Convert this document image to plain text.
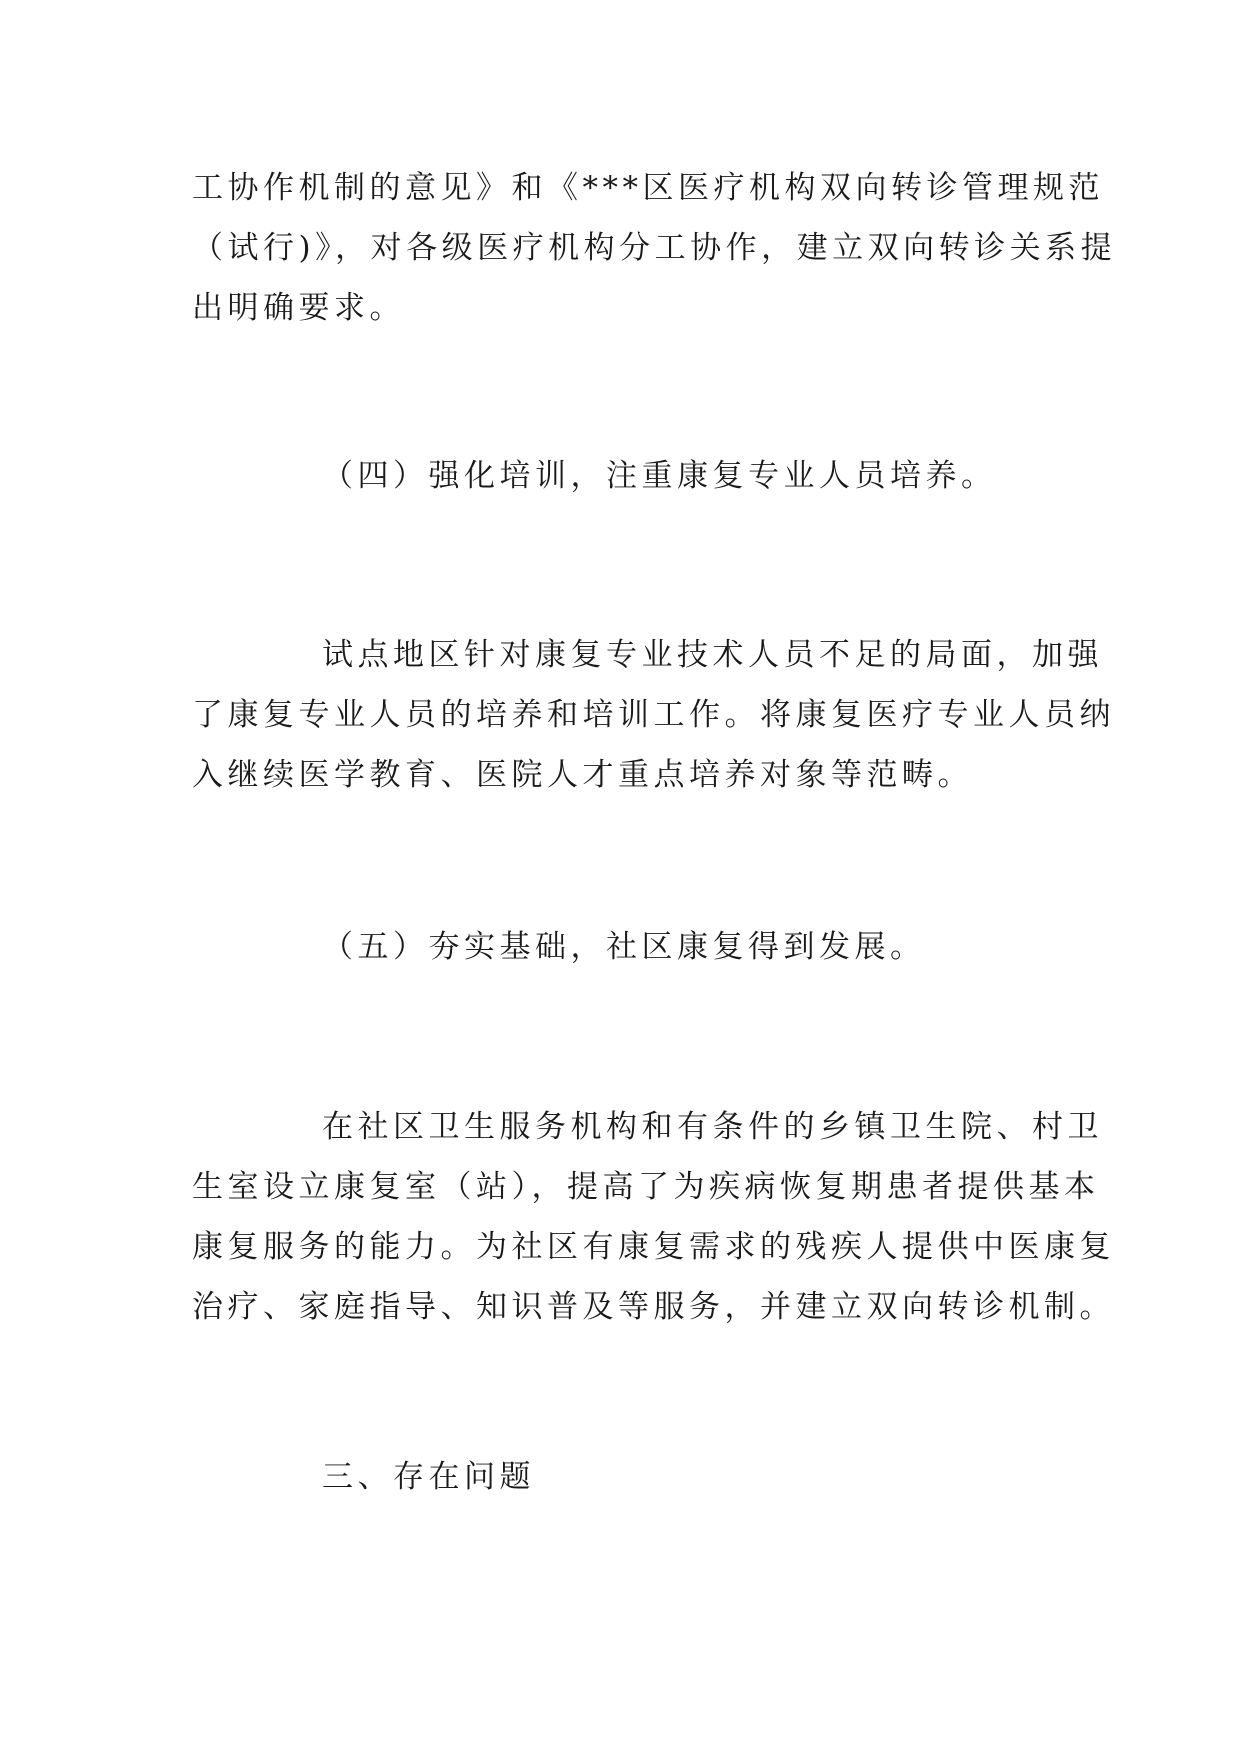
工协作机制的意见》和《***区医疗机构双向转诊管理规范
（试行)》，对各级医疗机构分工协作，建立双向转诊关系提
出明确要求。
（四）强化培训，注重康复专业人员培养。
试点地区针对康复专业技术人员不足的局面，加强
了康复专业人员的培养和培训工作。将康复医疗专业人员纳
入继续医学教育、医院人才重点培养对象等范畴。
（五）夯实基础，社区康复得到发展。
在社区卫生服务机构和有条件的乡镇卫生院、村卫
生室设立康复室（站），提高了为疾病恢复期患者提供基本
康复服务的能力。为社区有康复需求的残疾人提供中医康复
治疗、家庭指导、知识普及等服务，并建立双向转诊机制。
三、存在问题
